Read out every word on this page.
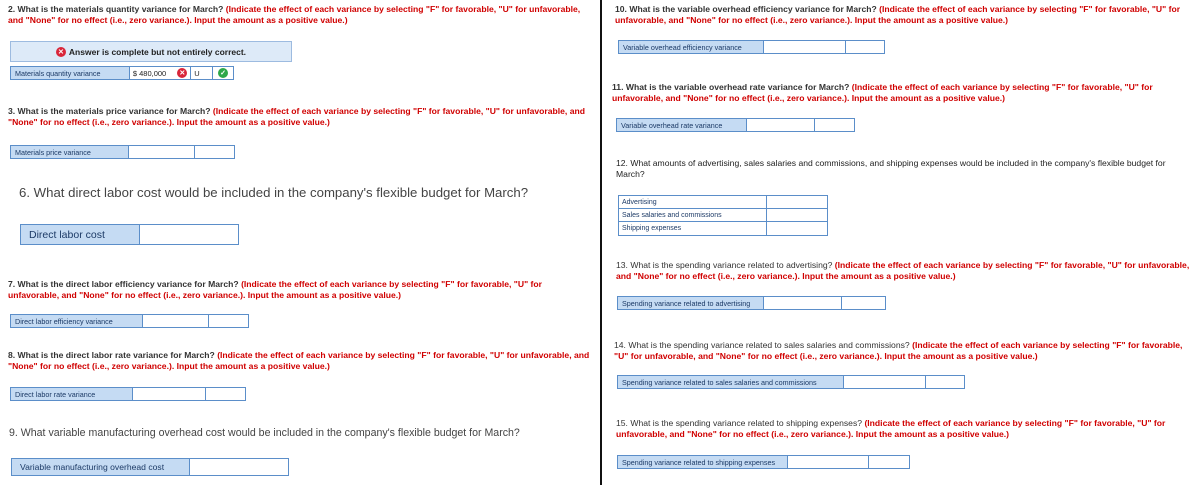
2. What is the materials quantity variance for March? (Indicate the effect of each variance by selecting "F" for favorable, "U" for unfavorable, and "None" for no effect (i.e., zero variance.). Input the amount as a positive value.)
✕ Answer is complete but not entirely correct.
Materials quantity variance	$ 480,000 ✕ U	✓
3. What is the materials price variance for March? (Indicate the effect of each variance by selecting "F" for favorable, "U" for unfavorable, and "None" for no effect (i.e., zero variance.). Input the amount as a positive value.)
Materials price variance
6. What direct labor cost would be included in the company's flexible budget for March?
Direct labor cost
7. What is the direct labor efficiency variance for March? (Indicate the effect of each variance by selecting "F" for favorable, "U" for unfavorable, and "None" for no effect (i.e., zero variance.). Input the amount as a positive value.)
Direct labor efficiency variance
8. What is the direct labor rate variance for March? (Indicate the effect of each variance by selecting "F" for favorable, "U" for unfavorable, and "None" for no effect (i.e., zero variance.). Input the amount as a positive value.)
Direct labor rate variance
9. What variable manufacturing overhead cost would be included in the company's flexible budget for March?
Variable manufacturing overhead cost
10. What is the variable overhead efficiency variance for March? (Indicate the effect of each variance by selecting "F" for favorable, "U" for unfavorable, and "None" for no effect (i.e., zero variance.). Input the amount as a positive value.)
Variable overhead efficiency variance
11. What is the variable overhead rate variance for March? (Indicate the effect of each variance by selecting "F" for favorable, "U" for unfavorable, and "None" for no effect (i.e., zero variance.). Input the amount as a positive value.)
Variable overhead rate variance
12. What amounts of advertising, sales salaries and commissions, and shipping expenses would be included in the company's flexible budget for March?
Advertising
Sales salaries and commissions
Shipping expenses
13. What is the spending variance related to advertising? (Indicate the effect of each variance by selecting "F" for favorable, "U" for unfavorable, and "None" for no effect (i.e., zero variance.). Input the amount as a positive value.)
Spending variance related to advertising
14. What is the spending variance related to sales salaries and commissions? (Indicate the effect of each variance by selecting "F" for favorable, "U" for unfavorable, and "None" for no effect (i.e., zero variance.). Input the amount as a positive value.)
Spending variance related to sales salaries and commissions
15. What is the spending variance related to shipping expenses? (Indicate the effect of each variance by selecting "F" for favorable, "U" for unfavorable, and "None" for no effect (i.e., zero variance.). Input the amount as a positive value.)
Spending variance related to shipping expenses
